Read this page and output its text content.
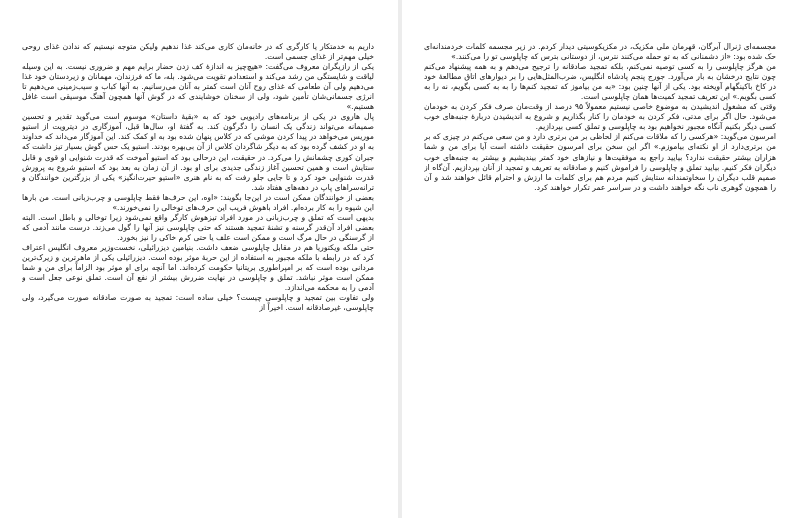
داریم به خدمتکار یا کارگری که در خانه‌مان کاری می‌کند غذا ندهیم ولیکن متوجه نیستیم که ندادن غذای روحی خیلی مهم‌تر از غذای جسمی است.

یکی از رازیگران معروف می‌گفت: «هیچ‌چیز به اندازهٔ کف زدن حضار برایم مهم و ضروری نیست. به این وسیله لیاقت و شایستگی من رشد می‌کند و استعدادم تقویت می‌شود. بله، ما که فرزندان، مهمانان و زیردستان خود غذا می‌دهیم ولی آن طعامی که غذای روح آنان است کمتر به آنان می‌رسانیم. به آنها کباب و سیب‌زمینی می‌دهیم تا انرژی جسمانی‌شان تأمین شود، ولی از سخنان خوشایندی که در گوش آنها همچون آهنگ موسیقی است غافل هستیم.»

پال هاروی در یکی از برنامه‌های رادیویی خود که به «بقیهٔ داستان» موسوم است می‌گوید تقدیر و تحسین صمیمانه می‌تواند زندگی یک انسان را دگرگون کند. به گفتهٔ او، سال‌ها قبل، آموزگاری در دیترویت از استیو موریس می‌خواهد در پیدا کردن موشی که در کلاس پنهان شده بود به او کمک کند. این آموزگار می‌داند که خداوند به او در کشف گرده بود که به دیگر شاگردان کلاس از آن بی‌بهره بودند. استیو یک حس گوش بسیار تیز داشت که جبران کوری چشمانش را می‌کرد. در حقیقت، این درحالی بود که استیو آموخت که قدرت شنوایی او قوی و قابل ستایش است و همین تحسین آغاز زندگی جدیدی برای او بود. از آن زمان به بعد بود که استیو شروع به پرورش قدرت شنوایی خود کرد و تا جایی جلو رفت که به نام هنری «استیو حیرت‌انگیز» یکی از بزرگترین خوانندگان و ترانه‌سراهای پاپ در دهه‌های هفتاد شد.

بعضی از خوانندگان ممکن است در این‌جا بگویند: «اوه، این حرف‌ها فقط چاپلوسی و چرب‌زبانی است. من بارها این شیوه را به کار برده‌ام. افراد باهوش فریب این حرف‌های توخالی را نمی‌خورند.»

بدیهی است که تملق و چرب‌زبانی در مورد افراد تیزهوش کارگر واقع نمی‌شود زیرا توخالی و باطل است. البته بعضی افراد آن‌قدر گرسنه و تشنهٔ تمجید هستند که حتی چاپلوسی نیز آنها را گول می‌زند. درست مانند آدمی که از گرسنگی در حال مرگ است و ممکن است علف یا حتی کرم خاکی را نیز بخورد.

حتی ملکه ویکتوریا هم در مقابل چاپلوسی ضعف داشت. بنیامین دیزرائیلی، نخست‌وزیر معروف انگلیس اعتراف کرد که در رابطه با ملکه مجبور به استفاده از این حربهٔ موثر بوده است. دیزرائیلی یکی از ماهرترین و زیرک‌ترین مردانی بوده است که بر امپراطوری بریتانیا حکومت کرده‌اند. اما آنچه برای او موثر بود الزاماً برای من و شما ممکن است موثر نباشد. تملق و چاپلوسی در نهایت ضررش بیشتر از نفع آن است. تملق نوعی جعل است و آدمی را به محکمه می‌اندازد.

ولی تفاوت بین تمجید و چاپلوسی چیست؟ خیلی ساده است: تمجید به صورت صادقانه صورت می‌گیرد، ولی چاپلوسی، غیرصادقانه است. اخیراً از

مجسمه‌ای ژنرال آبرگان، قهرمان ملی مکزیک، در مکزیکوسیتی دیدار کردم. در زیر مجسمه کلمات خردمندانه‌ای حک شده بود: «از دشمنانی که به تو حمله می‌کنند نترس، از دوستانی بترس که چاپلوسی تو را می‌کنند.»

من هرگز چاپلوسی را به کسی توصیه نمی‌کنم، بلکه تمجید صادقانه را ترجیح می‌دهم و به همه پیشنهاد می‌کنم چون نتایج درخشان به بار می‌آورد. جورج پنجم پادشاه انگلیس، ضرب‌المثل‌هایی را بر دیوارهای اتاق مطالعهٔ خود در کاخ باکینگهام آویخته بود. یکی از آنها چنین بود: «به من بیاموز که تمجید کنم‌ها را به به کسی بگویم، نه را به کسی بگویم.» این تعریف تمجید کمیت‌ها همان چاپلوسی است.

وقتی که مشغول اندیشیدن به موضوع خاصی نیستیم معمولاً ۹۵ درصد از وقت‌مان صرف فکر کردن به خودمان می‌شود. حال اگر برای مدتی، فکر کردن به خودمان را کنار بگذاریم و شروع به اندیشیدن دربارهٔ جنبه‌های خوب کسی دیگر بکنیم آنگاه مجبور نخواهیم بود به چاپلوسی و تملق کسی بپردازیم.

امرسون می‌گوید: «هرکسی را که ملاقات می‌کنم از لحاظی بر من برتری دارد و من سعی می‌کنم در چیزی که بر من برتری‌دارد از او نکته‌ای بیاموزم.» اگر این سخن برای امرسون حقیقت داشته است آیا برای من و شما هزاران بیشتر حقیقت ندارد؟ بیایید راجع به موفقیت‌ها و نیازهای خود کمتر بیندیشیم و بیشتر به جنبه‌های خوب دیگران فکر کنیم. بیایید تملق و چاپلوسی را فراموش کنیم و صادقانه به تعریف و تمجید از آنان بپردازیم. آن‌گاه از صمیم قلب دیگران را سخاوتمندانه ستایش کنیم مردم هم برای کلمات ما ارزش و احترام قائل خواهند شد و آن را همچون گوهری ناب نگه خواهند داشت و در سراسر عمر تکرار خواهند کرد.
